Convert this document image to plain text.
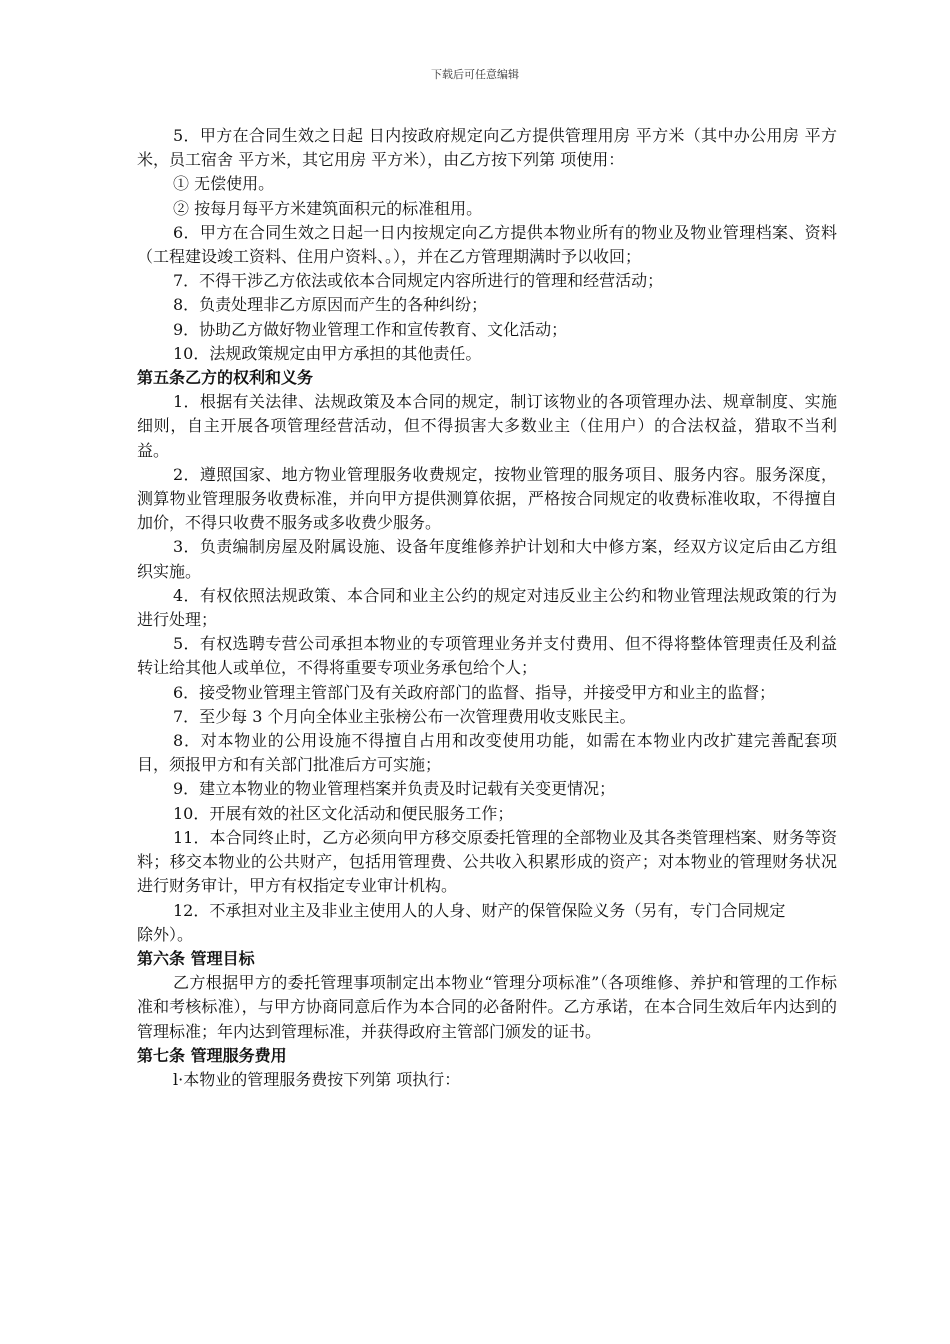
下载后可任意编辑

5．甲方在合同生效之日起 日内按政府规定向乙方提供管理用房 平方米（其中办公用房 平方米，员工宿舍 平方米，其它用房 平方米），由乙方按下列第 项使用：

① 无偿使用。

② 按每月每平方米建筑面积元的标准租用。

6．甲方在合同生效之日起一日内按规定向乙方提供本物业所有的物业及物业管理档案、资料（工程建设竣工资料、住用户资料、。），并在乙方管理期满时予以收回；

7．不得干涉乙方依法或依本合同规定内容所进行的管理和经营活动；

8．负责处理非乙方原因而产生的各种纠纷；

9．协助乙方做好物业管理工作和宣传教育、文化活动；

10．法规政策规定由甲方承担的其他责任。

第五条乙方的权利和义务

1．根据有关法律、法规政策及本合同的规定，制订该物业的各项管理办法、规章制度、实施细则，自主开展各项管理经营活动，但不得损害大多数业主（住用户）的合法权益，猎取不当利益。

2．遵照国家、地方物业管理服务收费规定，按物业管理的服务项目、服务内容。服务深度，测算物业管理服务收费标准，并向甲方提供测算依据，严格按合同规定的收费标准收取，不得擅自加价，不得只收费不服务或多收费少服务。

3．负责编制房屋及附属设施、设备年度维修养护计划和大中修方案，经双方议定后由乙方组织实施。

4．有权依照法规政策、本合同和业主公约的规定对违反业主公约和物业管理法规政策的行为进行处理；

5．有权选聘专营公司承担本物业的专项管理业务并支付费用、但不得将整体管理责任及利益转让给其他人或单位，不得将重要专项业务承包给个人；

6．接受物业管理主管部门及有关政府部门的监督、指导，并接受甲方和业主的监督；

7．至少每 3 个月向全体业主张榜公布一次管理费用收支账民主。

8．对本物业的公用设施不得擅自占用和改变使用功能，如需在本物业内改扩建完善配套项目，须报甲方和有关部门批准后方可实施；

9．建立本物业的物业管理档案并负责及时记载有关变更情况；

10．开展有效的社区文化活动和便民服务工作；

11．本合同终止时，乙方必须向甲方移交原委托管理的全部物业及其各类管理档案、财务等资料；移交本物业的公共财产，包括用管理费、公共收入积累形成的资产；对本物业的管理财务状况进行财务审计，甲方有权指定专业审计机构。

12．不承担对业主及非业主使用人的人身、财产的保管保险义务（另有，专门合同规定

除外）。

第六条 管理目标

乙方根据甲方的委托管理事项制定出本物业“管理分项标准”（各项维修、养护和管理的工作标准和考核标准），与甲方协商同意后作为本合同的必备附件。乙方承诺，在本合同生效后年内达到的管理标准；年内达到管理标准，并获得政府主管部门颁发的证书。

第七条 管理服务费用

l·本物业的管理服务费按下列第 项执行：
